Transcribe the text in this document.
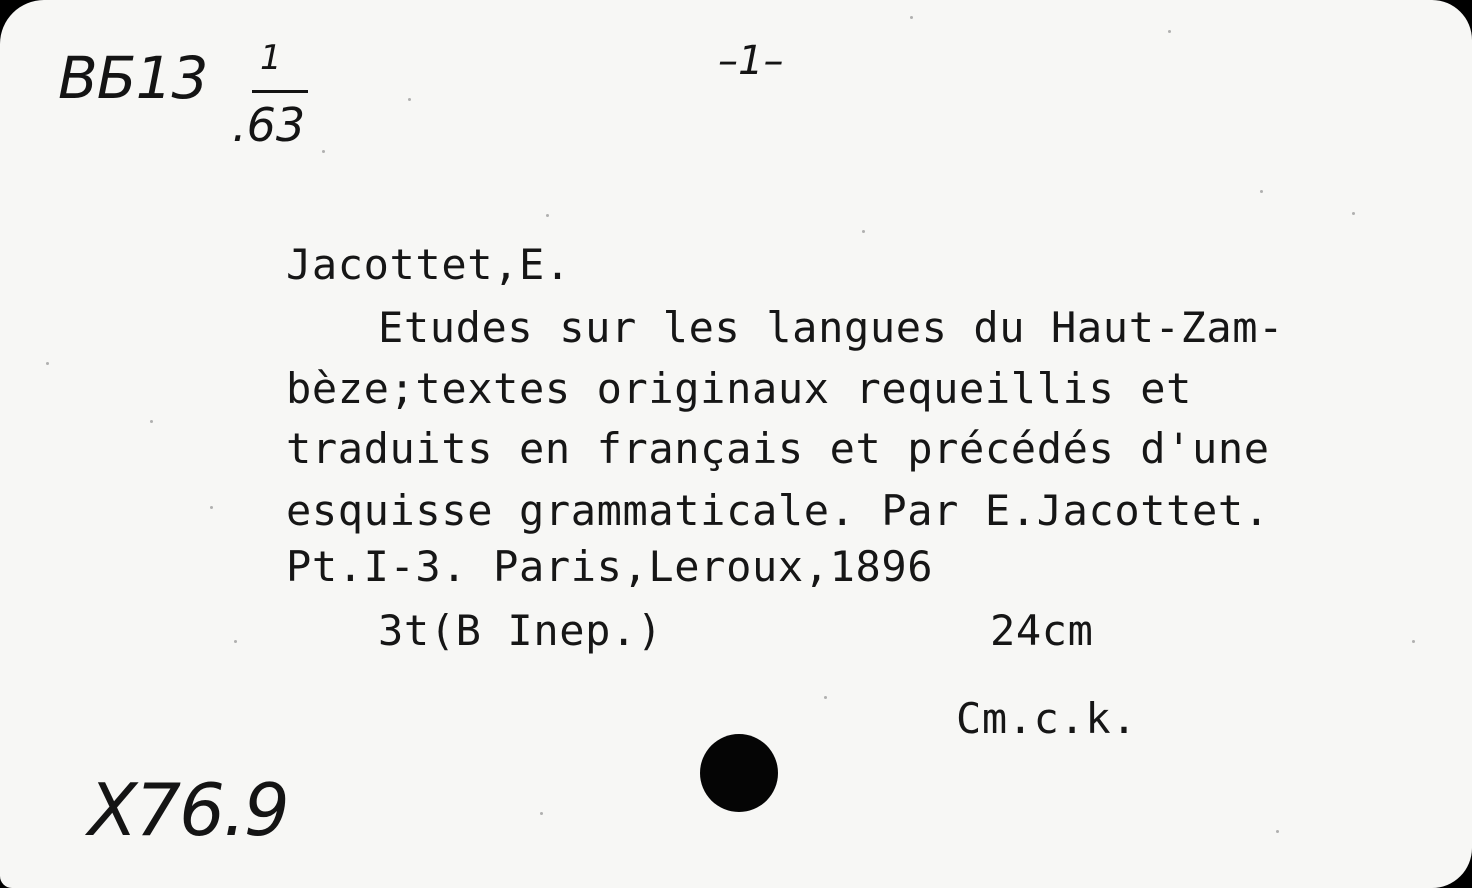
ВБ13 1
.63
–1–
Jacottet,E.
Etudes sur les langues du Haut-Zam-
bèze;textes originaux requeillis et
traduits en français et précédés d'une
esquisse grammaticale. Par E.Jacottet.
Pt.I-3. Paris,Leroux,1896
3t(B Inep.)	24cm
Cm.c.k.
X76.9
